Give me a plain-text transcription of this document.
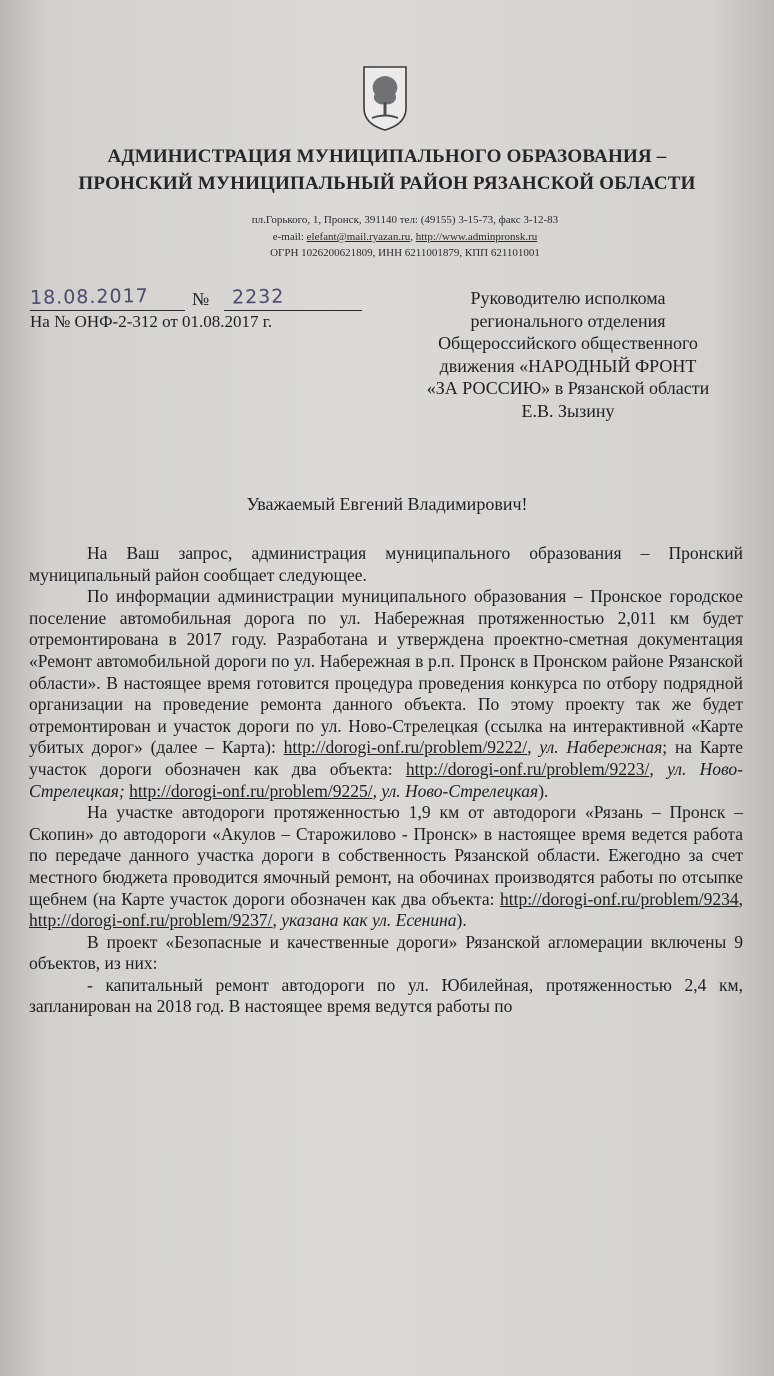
АДМИНИСТРАЦИЯ МУНИЦИПАЛЬНОГО ОБРАЗОВАНИЯ –
ПРОНСКИЙ МУНИЦИПАЛЬНЫЙ РАЙОН РЯЗАНСКОЙ ОБЛАСТИ
пл.Горького, 1, Пронск, 391140 тел: (49155) 3-15-73, факс 3-12-83
e-mail: elefant@mail.ryazan.ru, http://www.adminpronsk.ru
ОГРН 1026200621809, ИНН 6211001879, КПП 621101001
18.08.2017 № 2232
На № ОНФ-2-312 от 01.08.2017 г.
Руководителю исполкома
регионального отделения
Общероссийского общественного
движения «НАРОДНЫЙ ФРОНТ
«ЗА РОССИЮ» в Рязанской области
Е.В. Зызину
Уважаемый Евгений Владимирович!

На Ваш запрос, администрация муниципального образования – Пронский муниципальный район сообщает следующее.

По информации администрации муниципального образования – Пронское городское поселение автомобильная дорога по ул. Набережная протяженностью 2,011 км будет отремонтирована в 2017 году. Разработана и утверждена проектно-сметная документация «Ремонт автомобильной дороги по ул. Набережная в р.п. Пронск в Пронском районе Рязанской области». В настоящее время готовится процедура проведения конкурса по отбору подрядной организации на проведение ремонта данного объекта. По этому проекту так же будет отремонтирован и участок дороги по ул. Ново-Стрелецкая (ссылка на интерактивной «Карте убитых дорог» (далее – Карта): http://dorogi-onf.ru/problem/9222/, ул. Набережная; на Карте участок дороги обозначен как два объекта: http://dorogi-onf.ru/problem/9223/, ул. Ново-Стрелецкая; http://dorogi-onf.ru/problem/9225/, ул. Ново-Стрелецкая).

На участке автодороги протяженностью 1,9 км от автодороги «Рязань – Пронск – Скопин» до автодороги «Акулов – Старожилово - Пронск» в настоящее время ведется работа по передаче данного участка дороги в собственность Рязанской области. Ежегодно за счет местного бюджета проводится ямочный ремонт, на обочинах производятся работы по отсыпке щебнем (на Карте участок дороги обозначен как два объекта: http://dorogi-onf.ru/problem/9234, http://dorogi-onf.ru/problem/9237/, указана как ул. Есенина).

В проект «Безопасные и качественные дороги» Рязанской агломерации включены 9 объектов, из них:

- капитальный ремонт автодороги по ул. Юбилейная, протяженностью 2,4 км, запланирован на 2018 год. В настоящее время ведутся работы по
